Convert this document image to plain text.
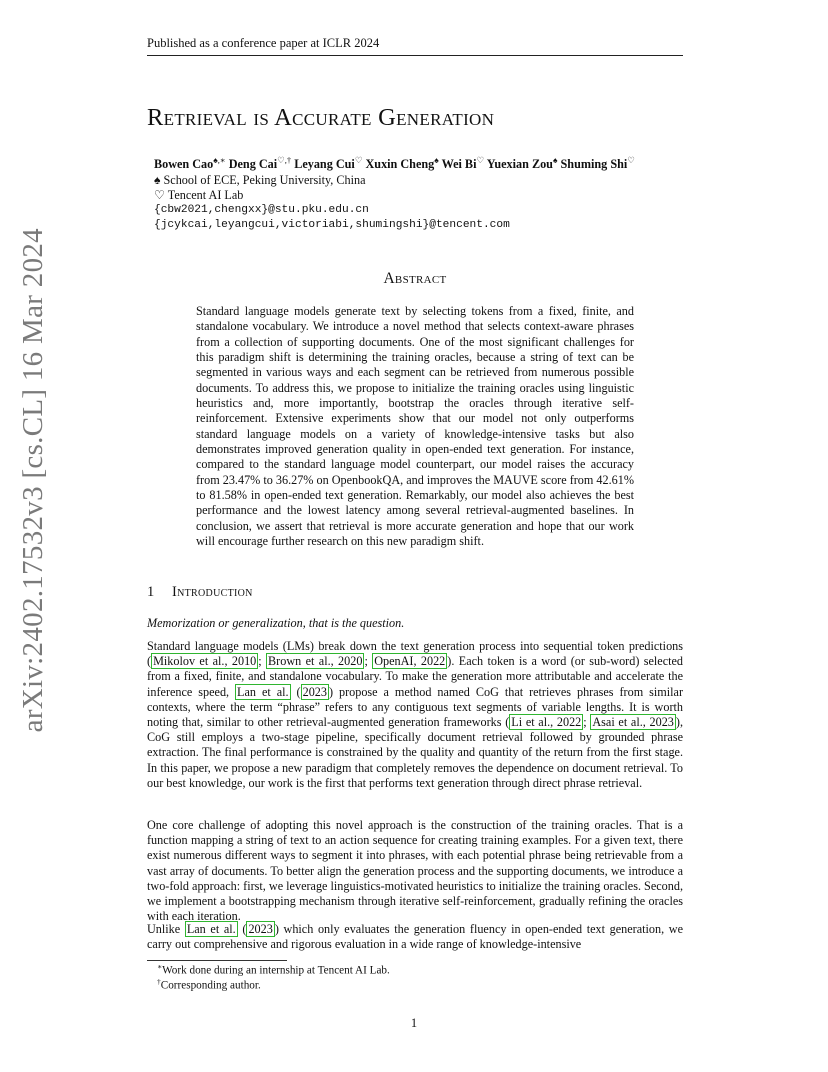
Published as a conference paper at ICLR 2024
arXiv:2402.17532v3 [cs.CL] 16 Mar 2024
Retrieval is Accurate Generation
Bowen Cao♠,∗ Deng Cai♡,† Leyang Cui♡ Xuxin Cheng♠ Wei Bi♡ Yuexian Zou♠ Shuming Shi♡
♠ School of ECE, Peking University, China
♡ Tencent AI Lab
{cbw2021,chengxx}@stu.pku.edu.cn
{jcykcai,leyangcui,victoriabi,shumingshi}@tencent.com
Abstract
Standard language models generate text by selecting tokens from a fixed, finite, and standalone vocabulary. We introduce a novel method that selects context-aware phrases from a collection of supporting documents. One of the most significant challenges for this paradigm shift is determining the training oracles, because a string of text can be segmented in various ways and each segment can be retrieved from numerous possible documents. To address this, we propose to initialize the training oracles using linguistic heuristics and, more importantly, bootstrap the oracles through iterative self-reinforcement. Extensive experiments show that our model not only outperforms standard language models on a variety of knowledge-intensive tasks but also demonstrates improved generation quality in open-ended text generation. For instance, compared to the standard language model counterpart, our model raises the accuracy from 23.47% to 36.27% on OpenbookQA, and improves the MAUVE score from 42.61% to 81.58% in open-ended text generation. Remarkably, our model also achieves the best performance and the lowest latency among several retrieval-augmented baselines. In conclusion, we assert that retrieval is more accurate generation and hope that our work will encourage further research on this new paradigm shift.
1 Introduction
Memorization or generalization, that is the question.
Standard language models (LMs) break down the text generation process into sequential token predictions ( Mikolov et al., 2010 ; Brown et al., 2020 ; OpenAI, 2022 ). Each token is a word (or sub-word) selected from a fixed, finite, and standalone vocabulary. To make the generation more attributable and accelerate the inference speed, Lan et al. ( 2023 ) propose a method named CoG that retrieves phrases from similar contexts, where the term “phrase” refers to any contiguous text segments of variable lengths. It is worth noting that, similar to other retrieval-augmented generation frameworks ( Li et al., 2022 ; Asai et al., 2023 ), CoG still employs a two-stage pipeline, specifically document retrieval followed by grounded phrase extraction. The final performance is constrained by the quality and quantity of the return from the first stage. In this paper, we propose a new paradigm that completely removes the dependence on document retrieval. To our best knowledge, our work is the first that performs text generation through direct phrase retrieval.
One core challenge of adopting this novel approach is the construction of the training oracles. That is a function mapping a string of text to an action sequence for creating training examples. For a given text, there exist numerous different ways to segment it into phrases, with each potential phrase being retrievable from a vast array of documents. To better align the generation process and the supporting documents, we introduce a two-fold approach: first, we leverage linguistics-motivated heuristics to initialize the training oracles. Second, we implement a bootstrapping mechanism through iterative self-reinforcement, gradually refining the oracles with each iteration.
Unlike Lan et al. ( 2023 ) which only evaluates the generation fluency in open-ended text generation, we carry out comprehensive and rigorous evaluation in a wide range of knowledge-intensive
∗Work done during an internship at Tencent AI Lab.
†Corresponding author.
1
